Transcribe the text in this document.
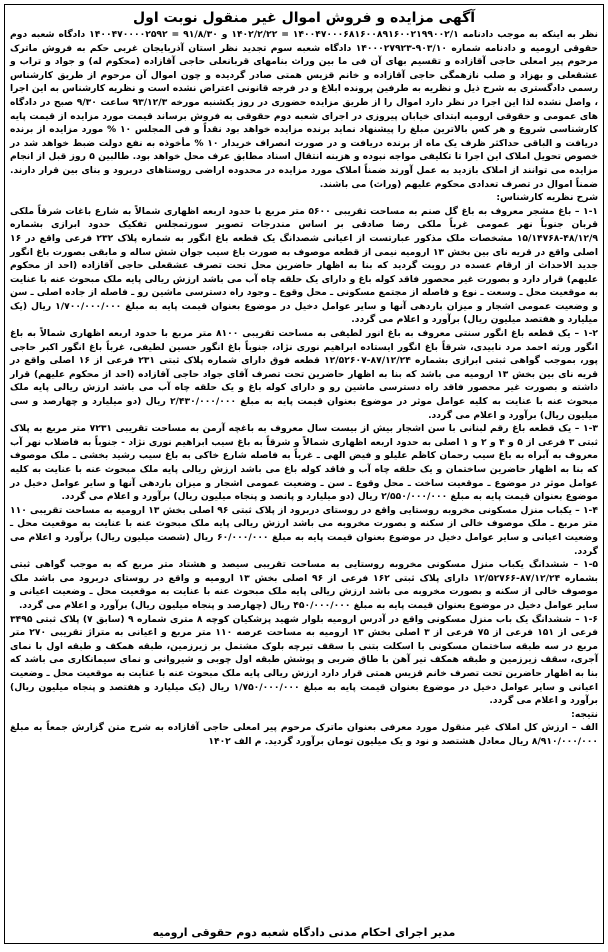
آگهی مزایده و فروش اموال غیر منقول نوبت اول

نظر به اینکه به موجب دادنامه ۱۴۰۰۴۷۰۰۰۶۸۱۶۰۰۸۹۱۶۰۰۲۱۹۹۰۰۲/۱ = ۱۴۰۲/۲/۲۲ و ۹۱/۸/۳۰ = ۱۴۰۰۴۷۰۰۰۰۲۵۹۲ دادگاه شعبه دوم حقوقی ارومیه و دادنامه شماره ۹۰۳/۱۰-۱۴۰۰۰۲۷۹۲۳ دادگاه شعبه سوم تجدید نظر استان آذربایجان غربی حکم به فروش ماترک مرحوم پیر امعلی حاجی آقازاده و تقسیم بهای آن فی ما بین وراث بنامهای قربانعلی حاجی آقازاده (محکوم له) و جواد و تراب و عشقعلی و بهزاد و صلب نازهمگی حاجی آقازاده و خانم قزیس همتی صادر گردیده و چون اموال آن مرحوم از طریق کارشناس رسمی دادگستری به شرح ذیل و نظریه به طرفین پرونده ابلاغ و در فرجه قانونی اعتراض نشده است و نظریه کارشناس به این اجرا ، واصل نشده لذا این اجرا در نظر دارد اموال را از طریق مزایده حضوری در روز یکشنبه مورخه ۹۳/۱۲/۳ ساعت ۹/۳۰ صبح در دادگاه های عمومی و حقوقی ارومیه ابتدای خیابان پیروزی در اجرای شعبه دوم حقوقی به فروش برساند قیمت مورد مزایده از قیمت پایه کارشناسی شروع و هر کس بالاترین مبلغ را پیشنهاد نماید برنده مزایده خواهد بود نقداً و فی المجلس ۱۰ % مورد مزایده از برنده دریافت و الباقی حداکثر ظرف یک ماه از برنده دریافت و در صورت انصراف خریدار ۱۰ % مأخوذه به نفع دولت ضبط خواهد شد در خصوص تحویل املاک این اجرا تا تکلیفی مواجه نبوده و هزینه انتقال اسناد مطابق عرف محل خواهد بود. طالبین ۵ روز قبل از انجام مزایده می توانند از املاک بازدید به عمل آورند ضمناً املاک مورد مزایده در محدوده اراضی روستاهای دربرود و بنای بین قرار دارند. ضمناً اموال در تصرف تعدادی محکوم علیهم (وراث) می باشند.

شرح نظریه کارشناس:

۱-۱ – باغ مشجر معروف به باغ گل صنم به مساحت تقریبی ۵۶۰۰ متر مربع با حدود اربعه اظهاری شمالاً به شارع باغات شرقاً ملکی قربان جنوباً نهر عمومی غرباً ملکی رضا صادقی بر اساس مندرجات تصویر سورتمجلس تفکیک حدود ابرازی بشماره ۴۸/۱۲/۹-۱۵/۱۴۷۶۸ مشخصات ملک مذکور عبارتست از اعیانی شصدانگ یک قطعه باغ انگور به شماره پلاک ۲۳۲ فرعی واقع در ۱۶ اصلی واقع در قریه نای بین بخش ۱۳ ارومیه نیمی از قطعه موصوف به صورت باغ سیب جوان شش ساله و مابقی بصورت باغ انگور جدید الاحداث از ارقام عسده در رویت گردید که بنا به اظهار حاضرین محل تحت تصرف عشقعلی حاجی آقازاده (احد از محکوم علیهم) قرار دارد و بصورت غیر محصور فاقد کوله باغ و دارای یک حلقه چاه آب می باشد ارزش ریالی پایه ملک مبحوث عنه با عنایت به موقعیت محل ـ وسعت ـ نوع و فاصله از مجتمع مسکونی ـ محل وقوع ـ وجود راه دسترسی ماشین رو ـ فاصله از جاده اصلی ـ سن و وضعیت عمومی اشجار و میزان باردهی آنها و سایر عوامل دخیل در موضوع بعنوان قیمت پایه به مبلغ ۱/۷۰۰/۰۰۰/۰۰۰ ریال (یک میلیارد و هفتصد میلیون ریال) برآورد و اعلام می گردد.

۱-۲ – یک قطعه باغ انگور سنتی معروف به باغ انور لطیفی به مساحت تقریبی ۸۱۰۰ متر مربع با حدود اربعه اظهاری شمالاً به باغ انگور ورثه احمد مرد نابیدی، شرقاً باغ انگور ایستاده ابراهیم نوری نژاد، جنوباً باغ انگور حسین لطیفی، غرباً باغ انگور اکبر حاجی پور، بموجب گواهی ثبتی ابرازی بشماره ۸۷/۱۲/۲۴-۱۲/۵۲۶۰۷ قطعه فوق دارای شماره پلاک ثبتی ۲۳۱ فرعی از ۱۶ اصلی واقع در قریه نای بین بخش ۱۳ ارومیه می باشد که بنا به اظهار حاضرین تحت تصرف آقای جواد حاجی آقازاده (احد از محکوم علیهم) قرار داشته و بصورت غیر محصور فاقد راه دسترسی ماشین رو و دارای کوله باغ و یک حلقه چاه آب می باشد ارزش ریالی پایه ملک مبحوث عنه با عنایت به کلیه عوامل موثر در موضوع بعنوان قیمت پایه به مبلغ ۲/۴۳۰/۰۰۰/۰۰۰ ریال (دو میلیارد و چهارصد و سی میلیون ریال) برآورد و اعلام می گردد.

۱-۳ – یک قطعه باغ رقم لبنانی با سن اشجار بیش از بیست سال معروف به باغچه آرمن به مساحت تقریبی ۷۲۳۱ متر مربع به پلاک ثبتی ۳ فرعی از ۵ و ۴ و ۲ و ۱ اصلی به حدود اربعه اظهاری شمالاً و شرقاً به باغ سیب ابراهیم نوری نژاد - جنوباً به فاضلاب نهر آب معروف به آبراه به باغ سیب رحمان کاظم علیلو و فیض الهی ـ غرباً به فاصله شارع خاکی به باغ سیب رشید بخشی ـ ملک موصوف که بنا به اظهار حاضرین ساختمان و یک حلقه چاه آب و فاقد کوله باغ می باشد ارزش ریالی پایه ملک مبحوث عنه با عنایت به کلیه عوامل موثر در موضوع ـ موقعیت ساخت ـ محل وقوع ـ سن ـ وضعیت عمومی اشجار و میزان باردهی آنها و سایر عوامل دخیل در موضوع بعنوان قیمت پایه به مبلغ ۲/۵۵۰/۰۰۰/۰۰۰ ریال (دو میلیارد و پانصد و پنجاه میلیون ریال) برآورد و اعلام می گردد.

۱-۴ – یکباب منزل مسکونی مخروبه روستایی واقع در روستای دربرود از پلاک ثبتی ۹۶ اصلی بخش ۱۳ ارومیه به مساحت تقریبی ۱۱۰ متر مربع ـ ملک موصوف خالی از سکنه و بصورت مخروبه می باشد ارزش ریالی پایه ملک مبحوث عنه با عنایت به موقعیت محل ـ وضعیت اعیانی و سایر عوامل دخیل در موضوع بعنوان قیمت پایه به مبلغ ۶۰/۰۰۰/۰۰۰ ریال (شصت میلیون ریال) برآورد و اعلام می گردد.

۱-۵ – ششدانگ یکباب منزل مسکونی مخروبه روستایی به مساحت تقریبی سیصد و هشتاد متر مربع که به موجب گواهی ثبتی بشماره ۸۷/۱۲/۲۴-۱۲/۵۲۷۶۶ دارای پلاک ثبتی ۱۶۲ فرعی از ۹۶ اصلی بخش ۱۳ ارومیه و واقع در روستای دربرود می باشد ملک موصوف خالی از سکنه و بصورت مخروبه می باشد ارزش ریالی پایه ملک مبحوث عنه با عنایت به موقعیت محل ـ وضعیت اعیانی و سایر عوامل دخیل در موضوع بعنوان قیمت پایه به مبلغ ۴۵۰/۰۰۰/۰۰۰ ریال (چهارصد و پنجاه میلیون ریال) برآورد و اعلام می گردد.

۱-۶ – ششدانگ یک باب منزل مسکونی واقع در آدرس ارومیه بلوار شهید پزشکیان کوچه ۸ متری شماره ۹ (سابق ۷) پلاک ثبتی ۳۴۹۵ فرعی از ۱۵۱ فرعی از ۷۵ فرعی از ۳ اصلی بخش ۱۳ ارومیه به مساحت عرصه ۱۱۰ متر مربع و اعیانی به متراژ تقریبی ۲۷۰ متر مربع در سه طبقه ساختمان مسکونی با اسکلت بتنی با سقف تیرچه بلوک مشتمل بر زیرزمین، طبقه همکف و طبقه اول با نمای آجری، سقف زیرزمین و طبقه همکف تیر آهن با طاق ضربی و پوشش طبقه اول چوبی و شیروانی و نمای سیمانکاری می باشد که بنا به اظهار حاضرین تحت تصرف خانم قزیس همتی قرار دارد ارزش ریالی پایه ملک مبحوث عنه با عنایت به موقعیت محل ـ وضعیت اعیانی و سایر عوامل دخیل در موضوع بعنوان قیمت پایه به مبلغ ۱/۷۵۰/۰۰۰/۰۰۰ ریال (یک میلیارد و هفتصد و پنجاه میلیون ریال) برآورد و اعلام می گردد.

نتیجه:

الف – ارزش کل املاک غیر منقول مورد معرفی بعنوان ماترک مرحوم پیر امعلی حاجی آقازاده به شرح متن گزارش جمعاً به مبلغ ۸/۹۱۰/۰۰۰/۰۰۰ ریال معادل هشتصد و نود و یک میلیون تومان برآورد گردید. م الف ۱۴۰۲

مدیر اجرای احکام مدنی دادگاه شعبه دوم حقوقی ارومیه
